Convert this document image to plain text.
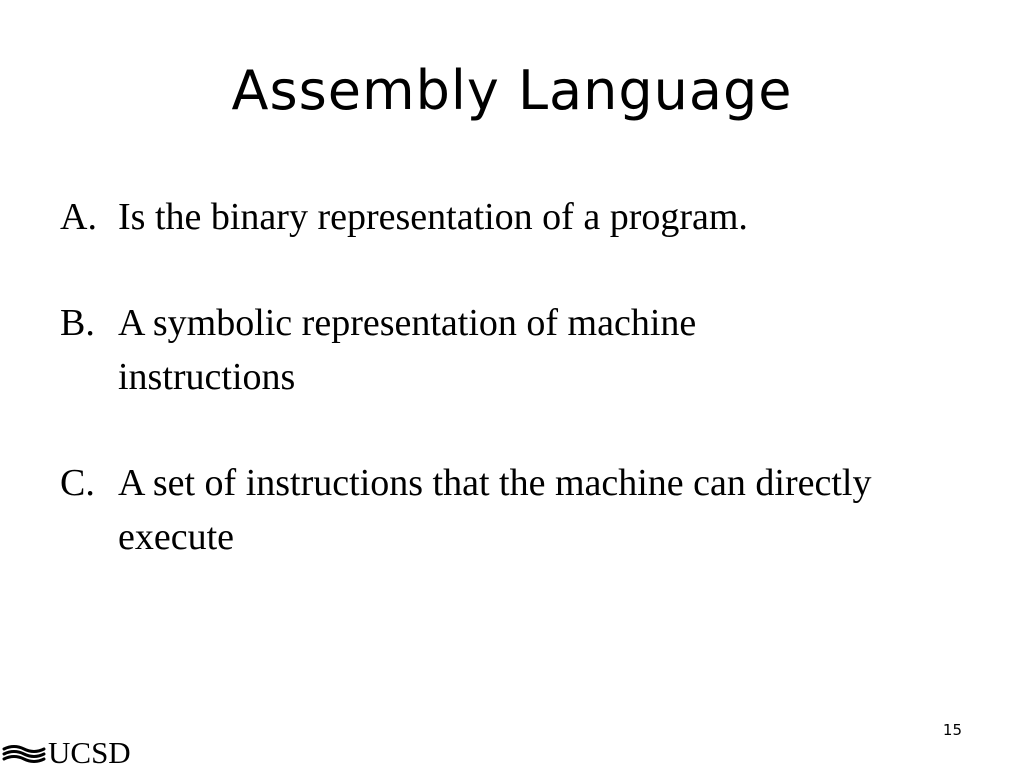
Assembly Language
A. Is the binary representation of a program.
B. A symbolic representation of machine instructions
C. A set of instructions that the machine can directly execute
15
UCSD
